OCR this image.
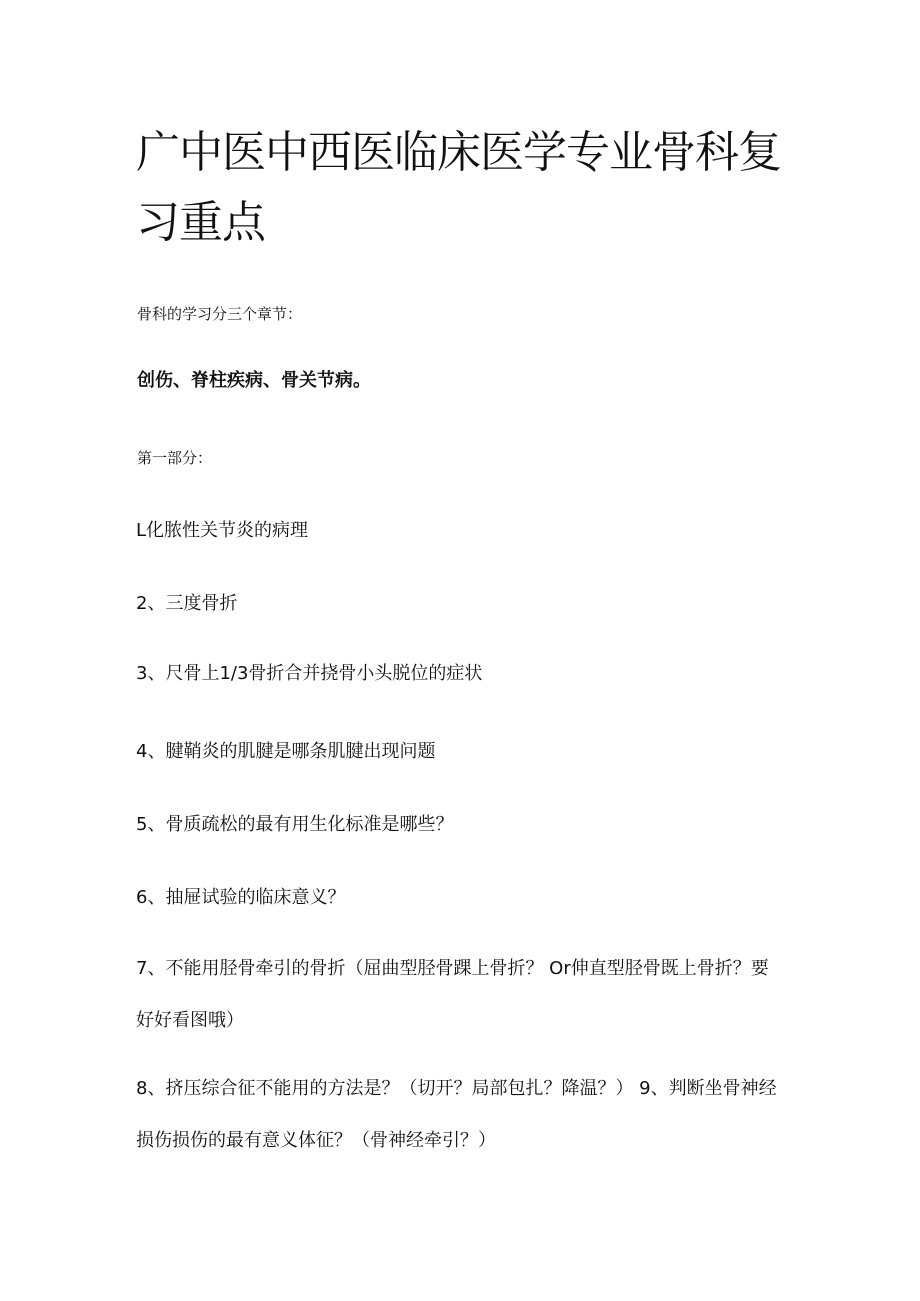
广中医中西医临床医学专业骨科复习重点

骨科的学习分三个章节：

创伤、脊柱疾病、骨关节病。

第一部分：

L化脓性关节炎的病理

2、三度骨折

3、尺骨上1/3骨折合并挠骨小头脱位的症状

4、腱鞘炎的肌腱是哪条肌腱出现问题

5、骨质疏松的最有用生化标准是哪些？

6、抽屉试验的临床意义？

7、不能用胫骨牵引的骨折（屈曲型胫骨踝上骨折？ Or伸直型胫骨既上骨折？要好好看图哦）

8、挤压综合征不能用的方法是？（切开？局部包扎？降温？） 9、判断坐骨神经损伤损伤的最有意义体征？（骨神经牵引？）
